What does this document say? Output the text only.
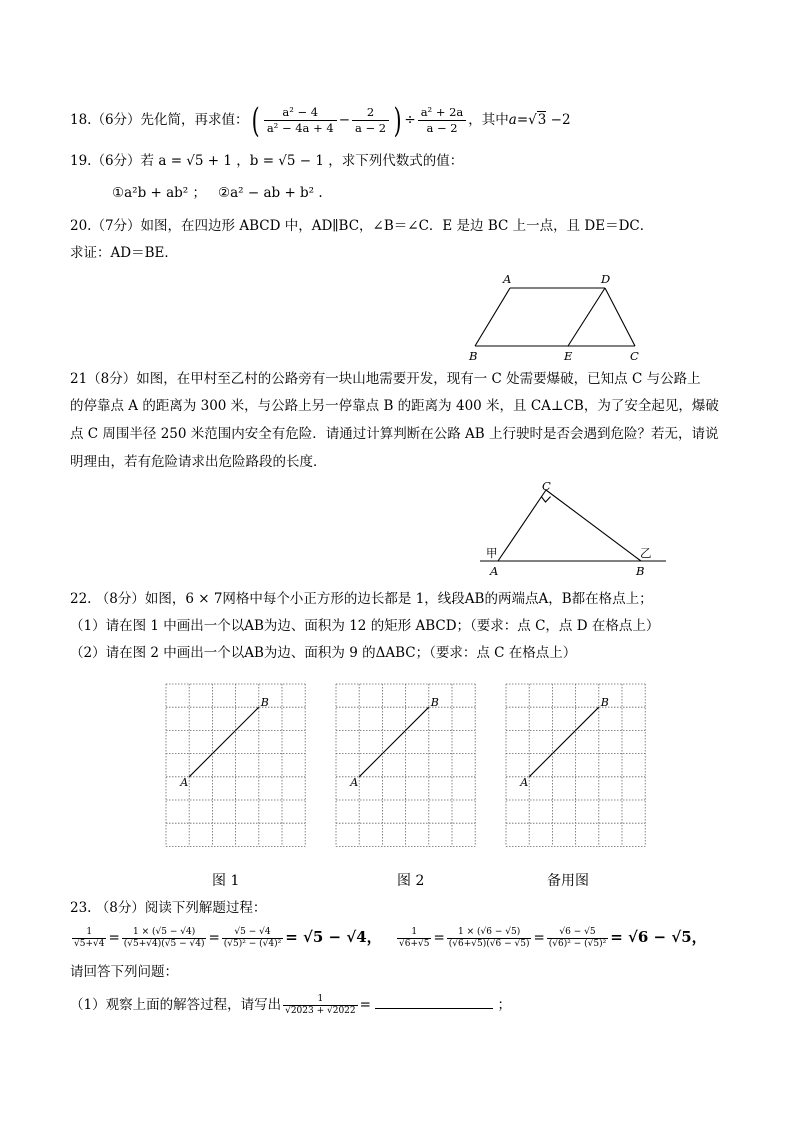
18.（6分）先化简，再求值：( $\frac{\text{a² − 4}}{\text{a² − 4a + 4}} - \frac{2}{a - 2}$ ) ÷ $\frac{\text{a² + 2a}}{a - 2}$ ，其中a=√3 −2
19.（6分）若 a = √5 + 1 ，b = √5 − 1 ，求下列代数式的值：
①a²b + ab² ； ②a² − ab + b² .
20.（7分）如图，在四边形 ABCD 中，AD∥BC，∠B＝∠C．E 是边 BC 上一点，且 DE＝DC．
求证：AD＝BE．
A	D
B	E	C
21（8分）如图，在甲村至乙村的公路旁有一块山地需要开发，现有一 C 处需要爆破，已知点 C 与公路上
的停靠点 A 的距离为 300 米，与公路上另一停靠点 B 的距离为 400 米，且 CA⊥CB，为了安全起见，爆破
点 C 周围半径 250 米范围内安全有危险．请通过计算判断在公路 AB 上行驶时是否会遇到危险？若无，请说
明理由，若有危险请求出危险路段的长度．
C
甲	乙
A	B
22. （8分）如图，6 × 7网格中每个小正方形的边长都是 1，线段AB的两端点A，B都在格点上；
（1）请在图 1 中画出一个以AB为边、面积为 12 的矩形 ABCD；（要求：点 C，点 D 在格点上）
（2）请在图 2 中画出一个以AB为边、面积为 9 的ΔABC；（要求：点 C 在格点上）
A
B
A
B
A
B
图 1	图 2	备用图
23. （8分）阅读下列解题过程：
$\frac{1}{√5+√4} = \frac{1 \times (√5 - √4)}{(√5+√4)(√5 - √4)} = \frac{√5 - √4}{\text{(√5)² − (√4)²}} = √5 - √4$， $\frac{1}{√6+√5} = \frac{1 \times (√6 - √5)}{(√6+√5)(√6 - √5)} = \frac{√6 - √5}{\text{(√6)² − (√5)²}} = √6 - √5$，
请回答下列问题：
（1）观察上面的解答过程，请写出 $\frac{1}{√2023 + √2022}$ =	；
